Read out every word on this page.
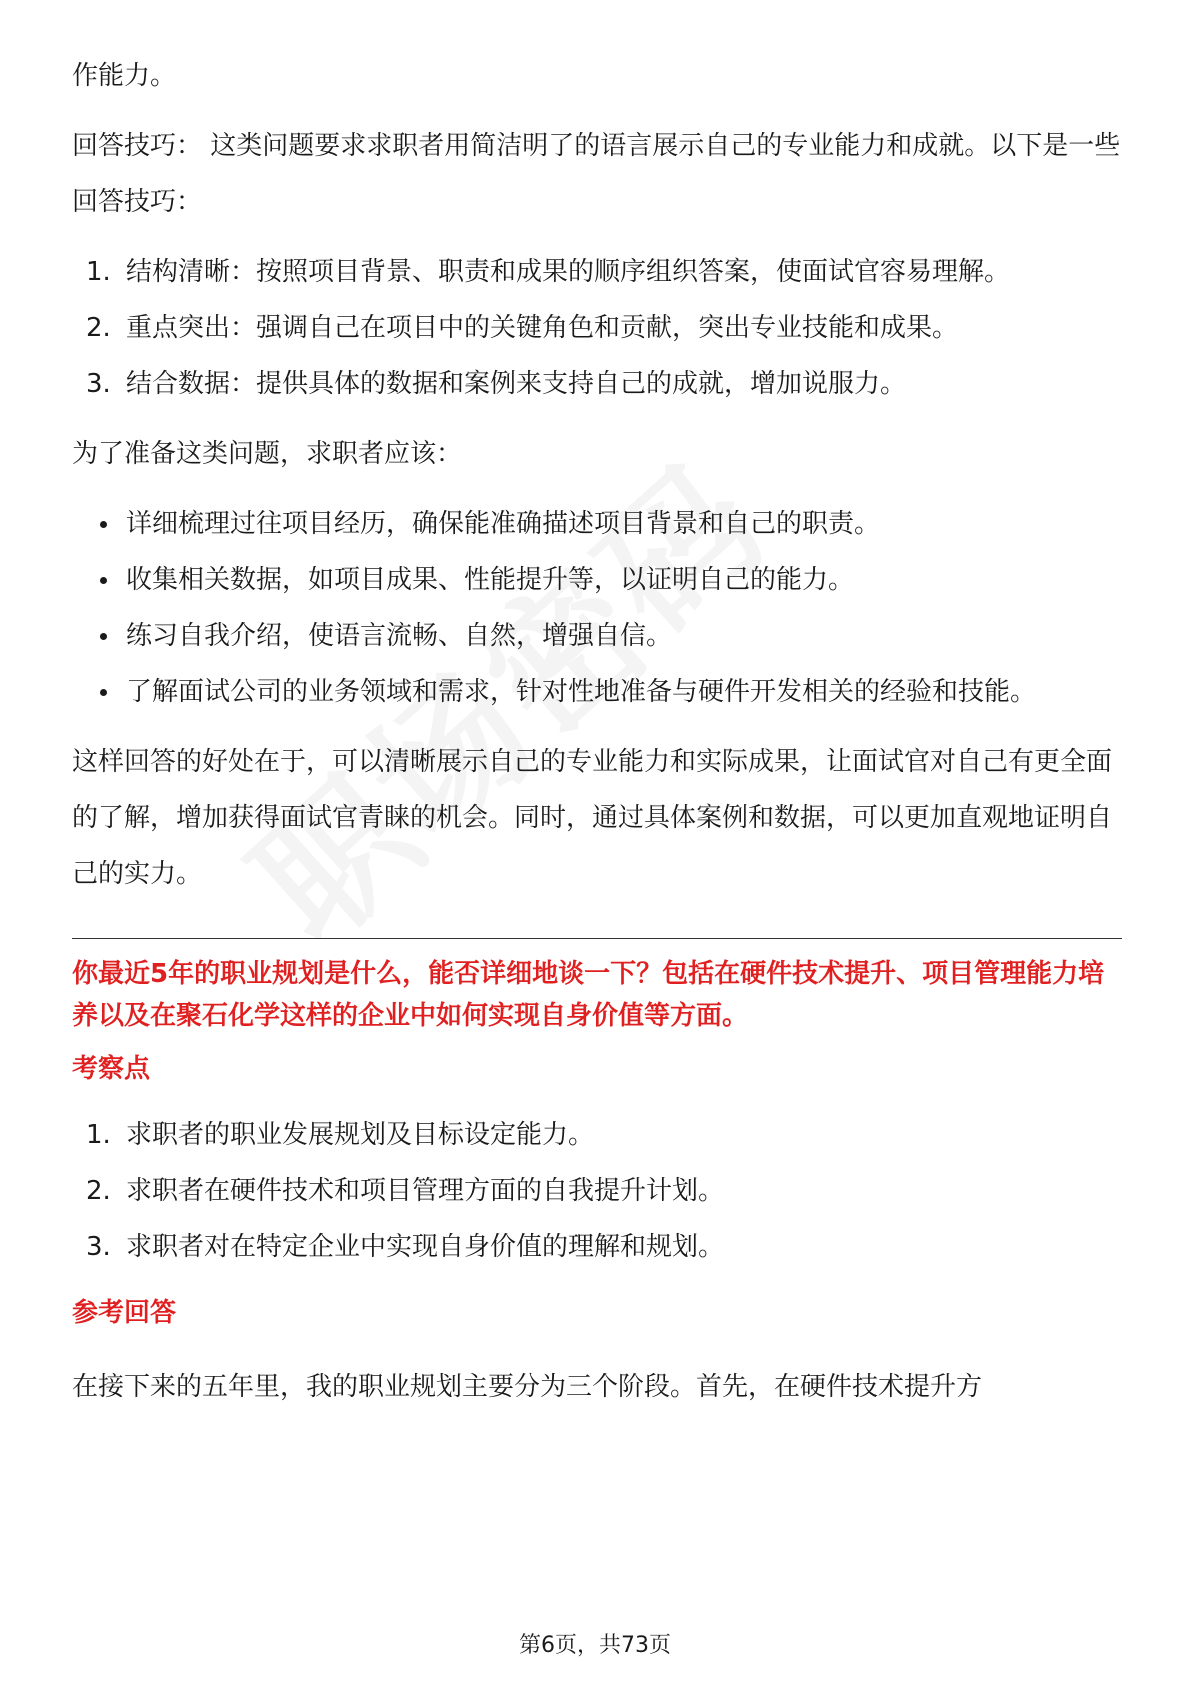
作能力。

回答技巧： 这类问题要求求职者用简洁明了的语言展示自己的专业能力和成就。以下是一些回答技巧：

1. 结构清晰：按照项目背景、职责和成果的顺序组织答案，使面试官容易理解。
2. 重点突出：强调自己在项目中的关键角色和贡献，突出专业技能和成果。
3. 结合数据：提供具体的数据和案例来支持自己的成就，增加说服力。

为了准备这类问题，求职者应该：

详细梳理过往项目经历，确保能准确描述项目背景和自己的职责。
收集相关数据，如项目成果、性能提升等，以证明自己的能力。
练习自我介绍，使语言流畅、自然，增强自信。
了解面试公司的业务领域和需求，针对性地准备与硬件开发相关的经验和技能。

这样回答的好处在于，可以清晰展示自己的专业能力和实际成果，让面试官对自己有更全面的了解，增加获得面试官青睐的机会。同时，通过具体案例和数据，可以更加直观地证明自己的实力。

你最近5年的职业规划是什么，能否详细地谈一下？包括在硬件技术提升、项目管理能力培养以及在聚石化学这样的企业中如何实现自身价值等方面。

考察点

1. 求职者的职业发展规划及目标设定能力。
2. 求职者在硬件技术和项目管理方面的自我提升计划。
3. 求职者对在特定企业中实现自身价值的理解和规划。

参考回答

在接下来的五年里，我的职业规划主要分为三个阶段。首先，在硬件技术提升方

第6页，共73页
